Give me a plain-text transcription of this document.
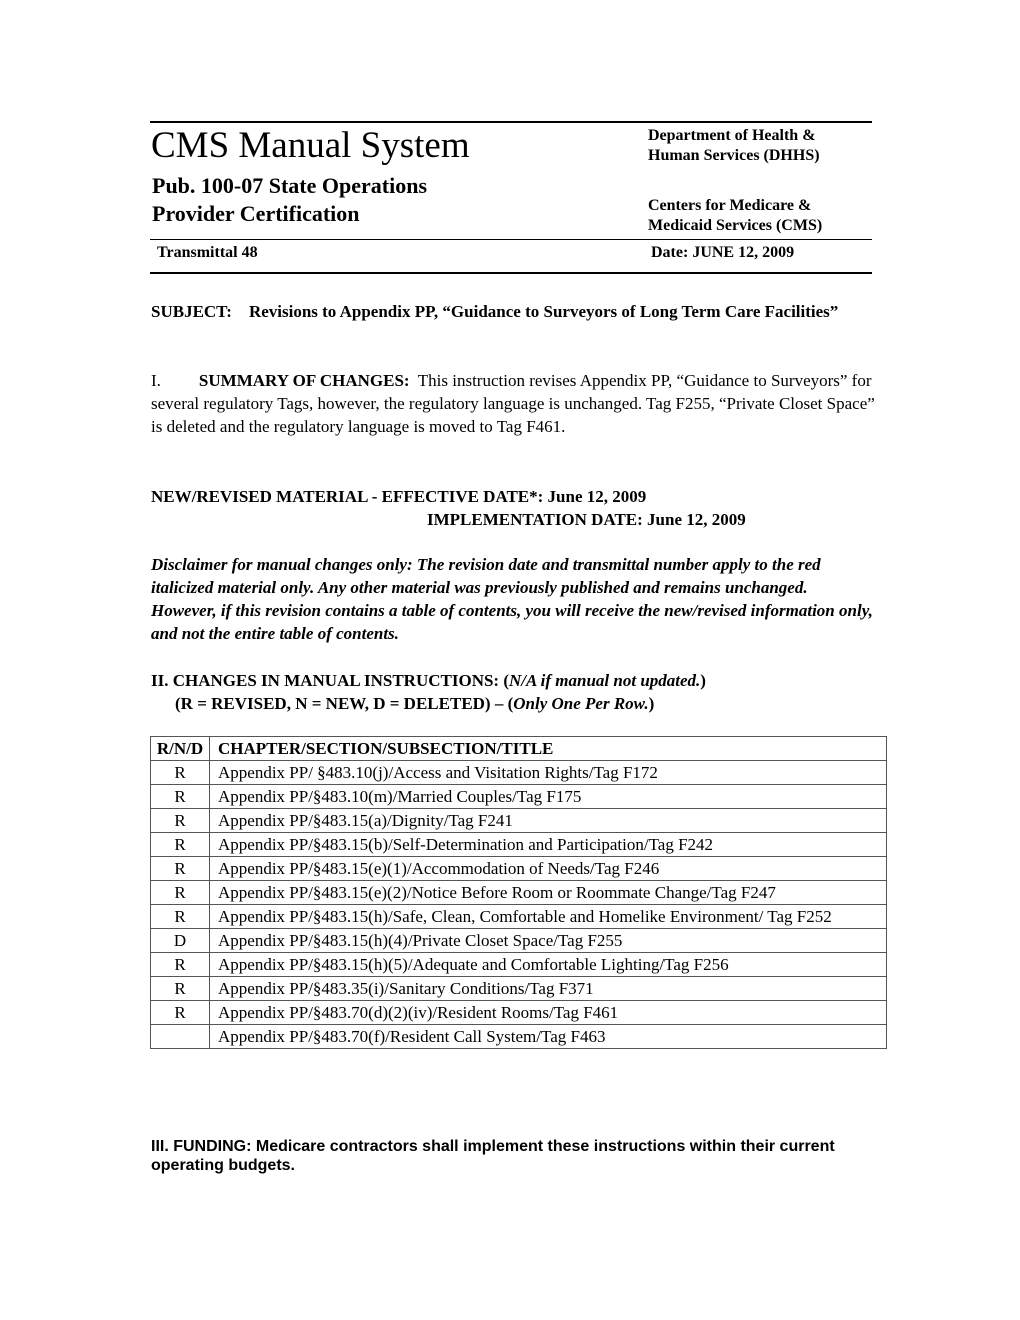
CMS Manual System
Pub. 100-07 State Operations
Provider Certification
Department of Health &
Human Services (DHHS)
Centers for Medicare &
Medicaid Services (CMS)
Transmittal 48	Date: JUNE 12, 2009
SUBJECT: Revisions to Appendix PP, “Guidance to Surveyors of Long Term Care Facilities”
I. SUMMARY OF CHANGES: This instruction revises Appendix PP, “Guidance to Surveyors” for several regulatory Tags, however, the regulatory language is unchanged. Tag F255, “Private Closet Space” is deleted and the regulatory language is moved to Tag F461.
NEW/REVISED MATERIAL - EFFECTIVE DATE*: June 12, 2009
IMPLEMENTATION DATE: June 12, 2009
Disclaimer for manual changes only: The revision date and transmittal number apply to the red italicized material only. Any other material was previously published and remains unchanged. However, if this revision contains a table of contents, you will receive the new/revised information only, and not the entire table of contents.
II. CHANGES IN MANUAL INSTRUCTIONS: (N/A if manual not updated.)
(R = REVISED, N = NEW, D = DELETED) – (Only One Per Row.)
R/N/D	CHAPTER/SECTION/SUBSECTION/TITLE
R	Appendix PP/ §483.10(j)/Access and Visitation Rights/Tag F172
R	Appendix PP/§483.10(m)/Married Couples/Tag F175
R	Appendix PP/§483.15(a)/Dignity/Tag F241
R	Appendix PP/§483.15(b)/Self-Determination and Participation/Tag F242
R	Appendix PP/§483.15(e)(1)/Accommodation of Needs/Tag F246
R	Appendix PP/§483.15(e)(2)/Notice Before Room or Roommate Change/Tag F247
R	Appendix PP/§483.15(h)/Safe, Clean, Comfortable and Homelike Environment/ Tag F252
D	Appendix PP/§483.15(h)(4)/Private Closet Space/Tag F255
R	Appendix PP/§483.15(h)(5)/Adequate and Comfortable Lighting/Tag F256
R	Appendix PP/§483.35(i)/Sanitary Conditions/Tag F371
R	Appendix PP/§483.70(d)(2)(iv)/Resident Rooms/Tag F461
	Appendix PP/§483.70(f)/Resident Call System/Tag F463
III. FUNDING: Medicare contractors shall implement these instructions within their current operating budgets.
